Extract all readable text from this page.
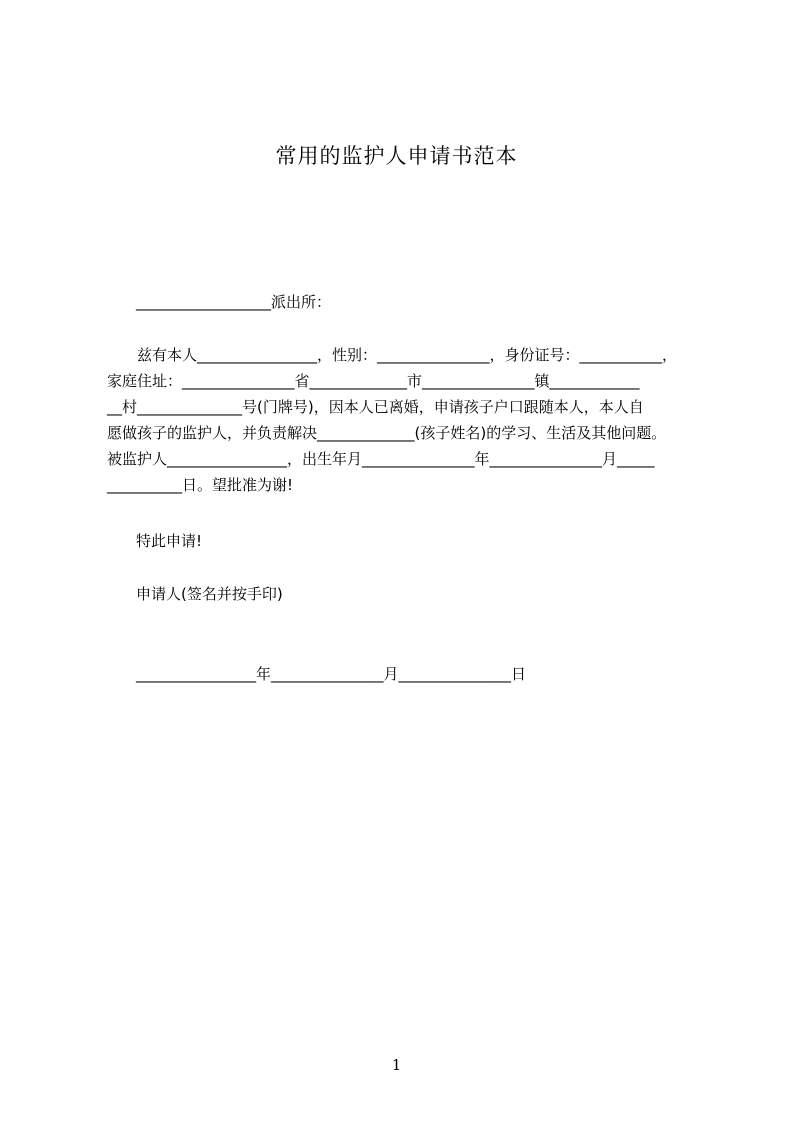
常用的监护人申请书范本
__________________派出所：
兹有本人________________，性别：_______________，身份证号：___________，
家庭住址：_______________省_____________市_______________镇____________
__村______________号(门牌号)，因本人已离婚，申请孩子户口跟随本人，本人自
愿做孩子的监护人，并负责解决_____________(孩子姓名)的学习、生活及其他问题。
被监护人________________，出生年月_______________年_______________月_____
__________日。望批准为谢!
特此申请!
申请人(签名并按手印)
________________年_______________月_______________日
1
